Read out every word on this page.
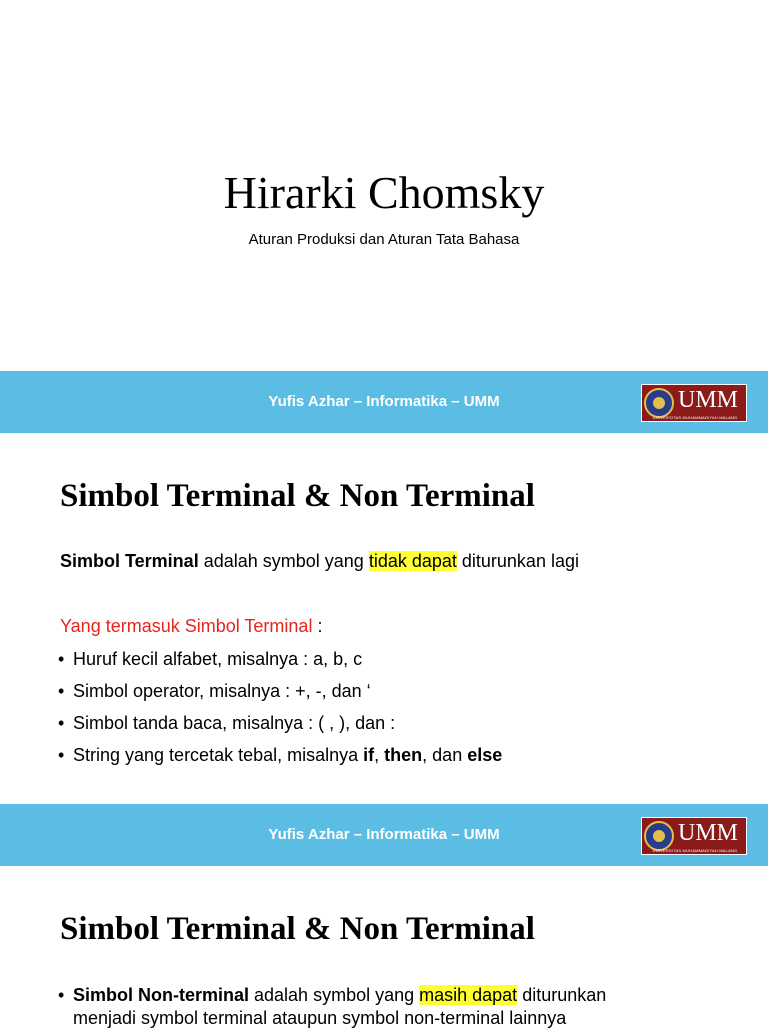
Hirarki Chomsky
Aturan Produksi dan Aturan Tata Bahasa
Yufis Azhar – Informatika – UMM	UMM
UNIVERSITAS MUHAMMADIYAH MALANG
Simbol Terminal & Non Terminal
Simbol Terminal adalah symbol yang tidak dapat diturunkan lagi
Yang termasuk Simbol Terminal :
• Huruf kecil alfabet, misalnya : a, b, c
• Simbol operator, misalnya : +, -, dan ‘
• Simbol tanda baca, misalnya : ( , ), dan :
• String yang tercetak tebal, misalnya if, then, dan else
Yufis Azhar – Informatika – UMM	UMM
UNIVERSITAS MUHAMMADIYAH MALANG
Simbol Terminal & Non Terminal
• Simbol Non-terminal adalah symbol yang masih dapat diturunkan
menjadi symbol terminal ataupun symbol non-terminal lainnya
